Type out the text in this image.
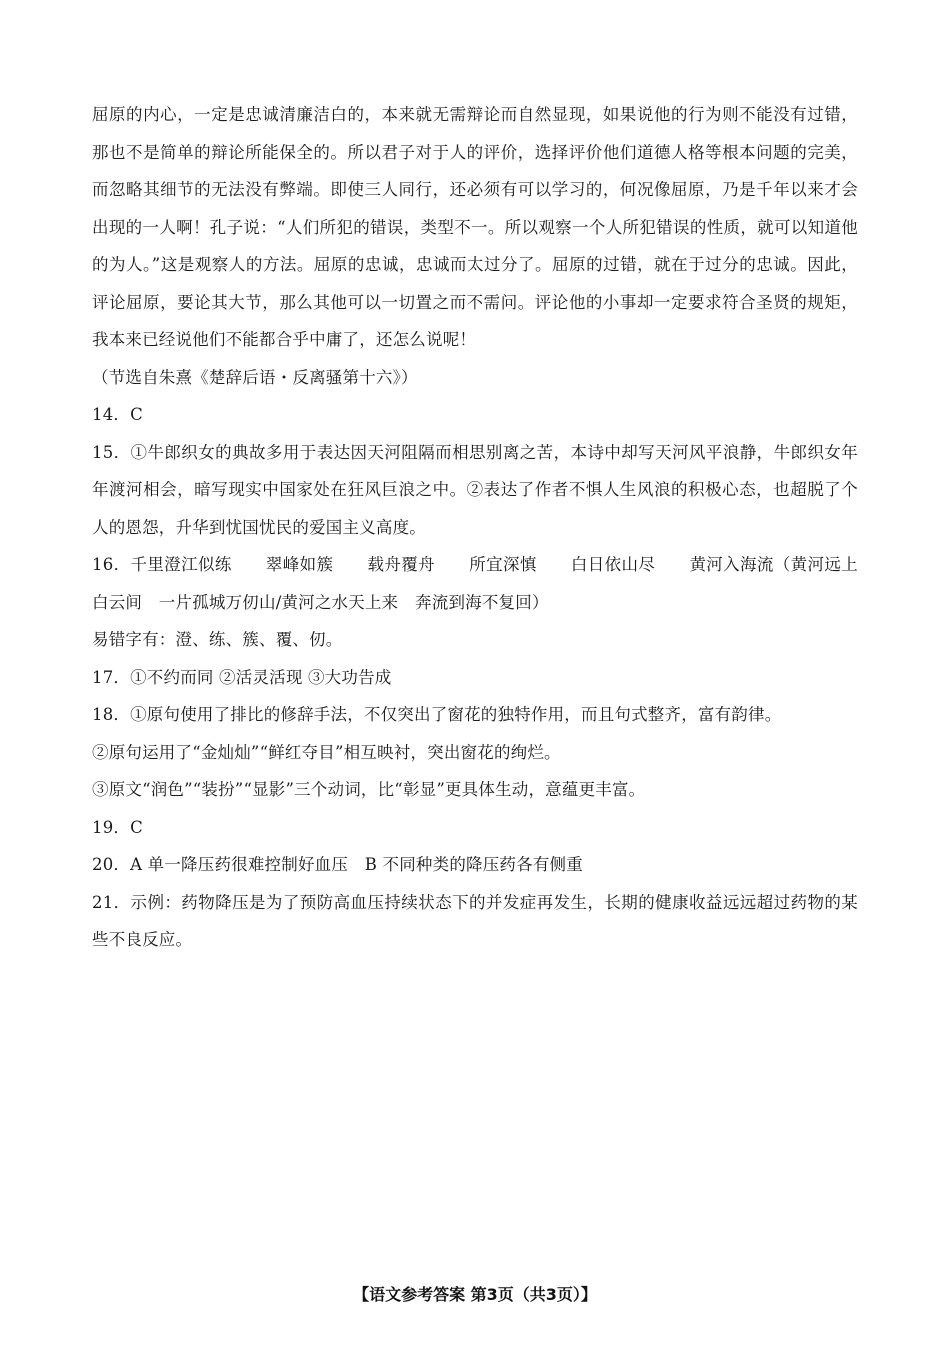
屈原的内心，一定是忠诚清廉洁白的，本来就无需辩论而自然显现，如果说他的行为则不能没有过错，那也不是简单的辩论所能保全的。所以君子对于人的评价，选择评价他们道德人格等根本问题的完美，而忽略其细节的无法没有弊端。即使三人同行，还必须有可以学习的，何况像屈原，乃是千年以来才会出现的一人啊！孔子说：“人们所犯的错误，类型不一。所以观察一个人所犯错误的性质，就可以知道他的为人。”这是观察人的方法。屈原的忠诚，忠诚而太过分了。屈原的过错，就在于过分的忠诚。因此，评论屈原，要论其大节，那么其他可以一切置之而不需问。评论他的小事却一定要求符合圣贤的规矩，我本来已经说他们不能都合乎中庸了，还怎么说呢！

（节选自朱熹《楚辞后语・反离骚第十六》）

14．C

15．①牛郎织女的典故多用于表达因天河阻隔而相思别离之苦，本诗中却写天河风平浪静，牛郎织女年年渡河相会，暗写现实中国家处在狂风巨浪之中。②表达了作者不惧人生风浪的积极心态，也超脱了个人的恩怨，升华到忧国忧民的爱国主义高度。

16．千里澄江似练 翠峰如簇 载舟覆舟 所宜深慎 白日依山尽 黄河入海流（黄河远上白云间　一片孤城万仞山/黄河之水天上来　奔流到海不复回）

易错字有：澄、练、簇、覆、仞。

17．①不约而同 ②活灵活现 ③大功告成

18．①原句使用了排比的修辞手法，不仅突出了窗花的独特作用，而且句式整齐，富有韵律。

②原句运用了“金灿灿”“鲜红夺目”相互映衬，突出窗花的绚烂。

③原文“润色”“装扮”“显影”三个动词，比“彰显”更具体生动，意蕴更丰富。

19．C

20．A 单一降压药很难控制好血压　B 不同种类的降压药各有侧重

21．示例：药物降压是为了预防高血压持续状态下的并发症再发生，长期的健康收益远远超过药物的某些不良反应。

【语文参考答案 第3页（共3页）】
